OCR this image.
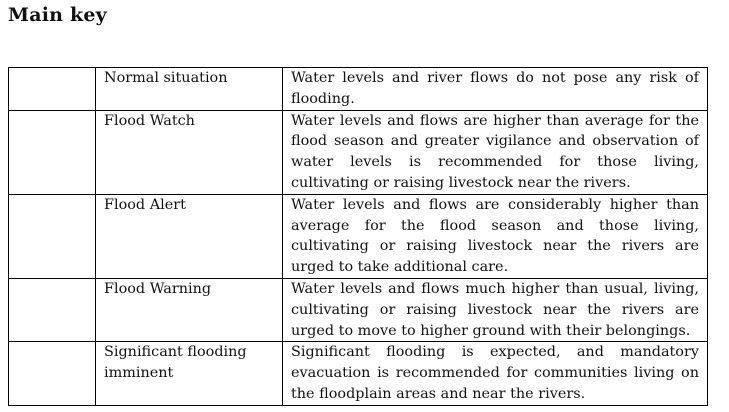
Main key
	Normal situation	Water levels and river flows do not pose any risk of flooding.

	Flood Watch	Water levels and flows are higher than average for the flood season and greater vigilance and observation of water levels is recommended for those living, cultivating or raising livestock near the rivers.

	Flood Alert	Water levels and flows are considerably higher than average for the flood season and those living, cultivating or raising livestock near the rivers are urged to take additional care.

	Flood Warning	Water levels and flows much higher than usual, living, cultivating or raising livestock near the rivers are urged to move to higher ground with their belongings.

	Significant flooding imminent	Significant flooding is expected, and mandatory evacuation is recommended for communities living on the floodplain areas and near the rivers.
